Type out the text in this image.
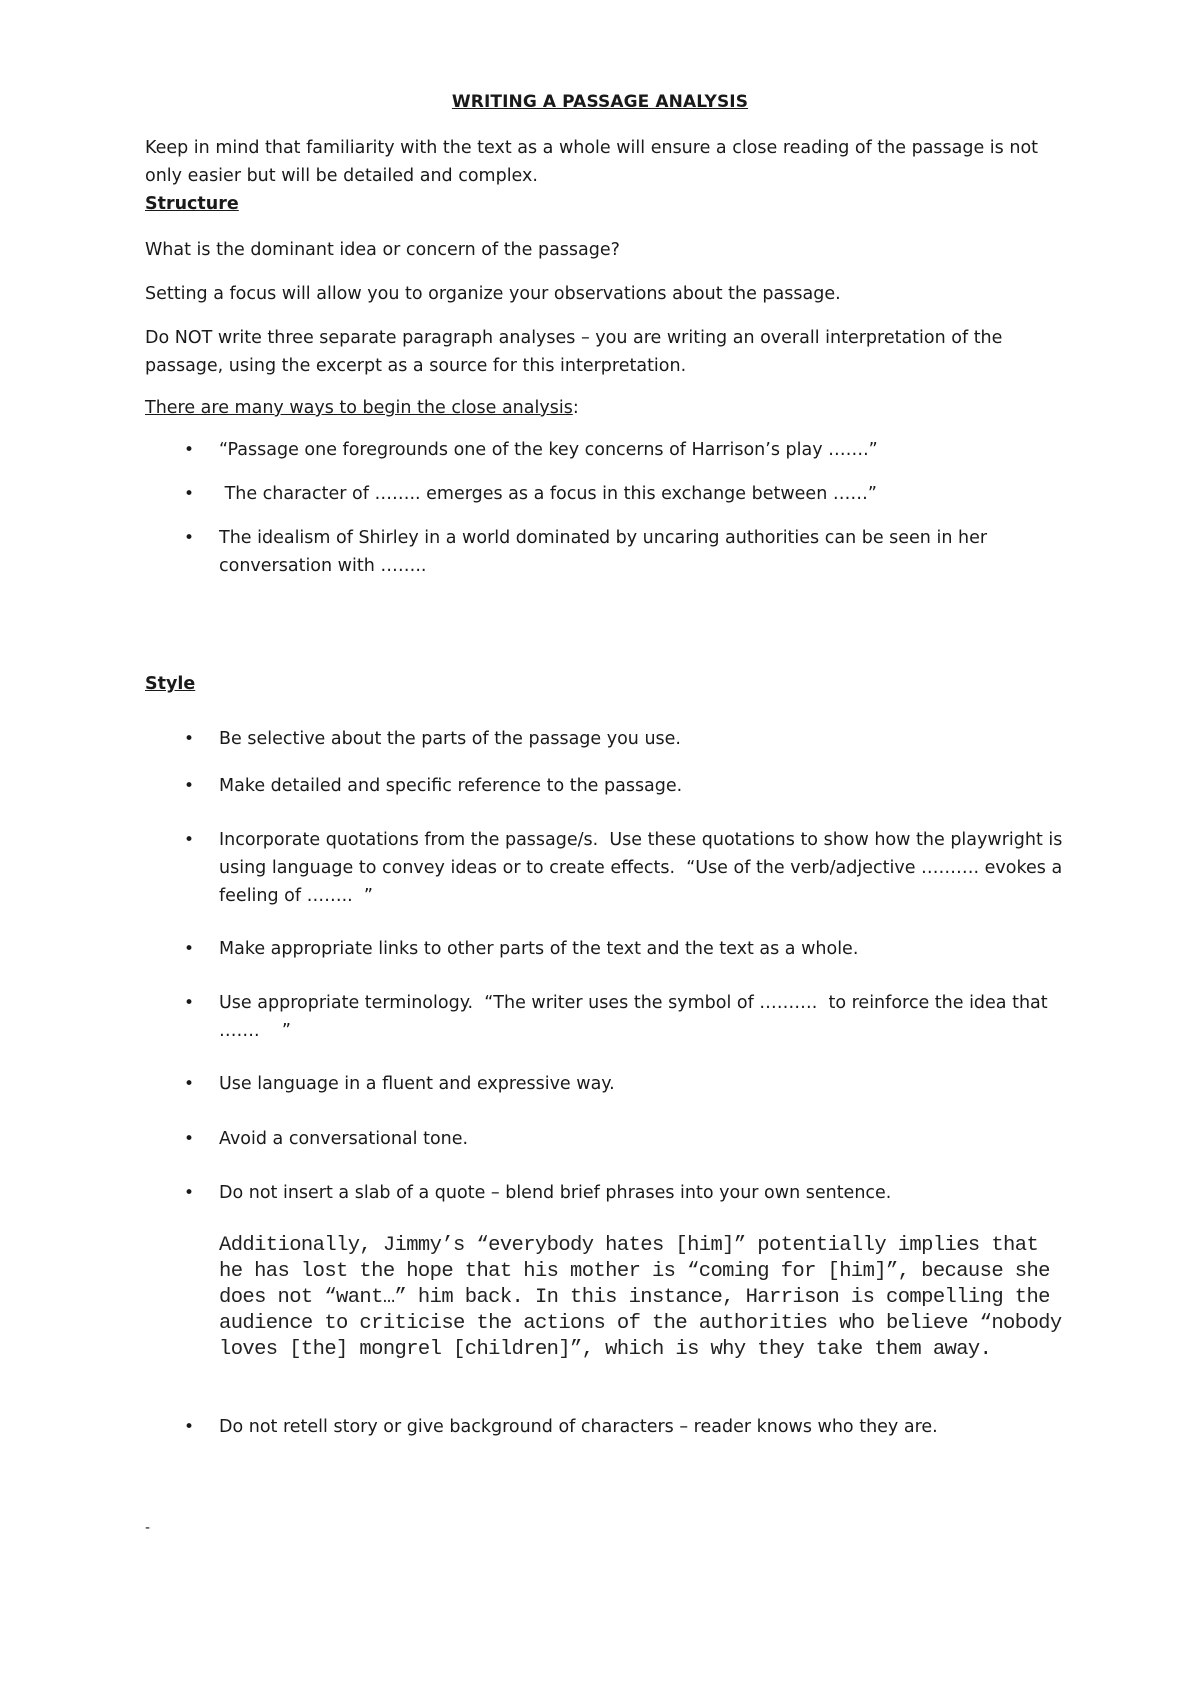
WRITING A PASSAGE ANALYSIS

Keep in mind that familiarity with the text as a whole will ensure a close reading of the passage is not only easier but will be detailed and complex.

Structure

What is the dominant idea or concern of the passage?

Setting a focus will allow you to organize your observations about the passage.

Do NOT write three separate paragraph analyses – you are writing an overall interpretation of the passage, using the excerpt as a source for this interpretation.

There are many ways to begin the close analysis:

• “Passage one foregrounds one of the key concerns of Harrison’s play …….”
• The character of …….. emerges as a focus in this exchange between ……”
• The idealism of Shirley in a world dominated by uncaring authorities can be seen in her conversation with ……..
Style
• Be selective about the parts of the passage you use.
• Make detailed and specific reference to the passage.
• Incorporate quotations from the passage/s.  Use these quotations to show how the playwright is using language to convey ideas or to create effects.  “Use of the verb/adjective ………. evokes a feeling of ……..  ”
• Make appropriate links to other parts of the text and the text as a whole.
• Use appropriate terminology.  “The writer uses the symbol of ……….  to reinforce the idea that …….    ”
• Use language in a fluent and expressive way.
• Avoid a conversational tone.
• Do not insert a slab of a quote – blend brief phrases into your own sentence.
Additionally, Jimmy’s “everybody hates [him]” potentially implies that he has lost the hope that his mother is “coming for [him]”, because she does not “want…” him back. In this instance, Harrison is compelling the audience to criticise the actions of the authorities who believe “nobody loves [the] mongrel [children]”, which is why they take them away.
• Do not retell story or give background of characters – reader knows who they are.
-
